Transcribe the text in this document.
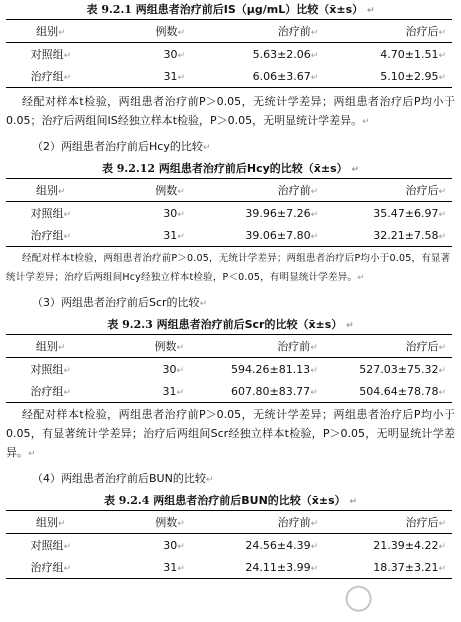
表 9.2.1 两组患者治疗前后IS（μg/mL）比较（x̄±s） ↵
组别↵	例数↵	治疗前↵	治疗后↵
对照组↵	30↵	5.63±2.06↵	4.70±1.51↵
治疗组↵	31↵	6.06±3.67↵	5.10±2.95↵
经配对样本t检验，两组患者治疗前P＞0.05，无统计学差异；两组患者治疗后P均小于0.05；治疗后两组间IS经独立样本t检验，P＞0.05，无明显统计学差异。↵
（2）两组患者治疗前后Hcy的比较↵
表 9.2.12 两组患者治疗前后Hcy的比较（x̄±s） ↵
组别↵	例数↵	治疗前↵	治疗后↵
对照组↵	30↵	39.96±7.26↵	35.47±6.97↵
治疗组↵	31↵	39.06±7.80↵	32.21±7.58↵
经配对样本t检验，两组患者治疗前P＞0.05，无统计学差异；两组患者治疗后P均小于0.05，有显著统计学差异；治疗后两组间Hcy经独立样本t检验，P＜0.05，有明显统计学差异。↵
（3）两组患者治疗前后Scr的比较↵
表 9.2.3 两组患者治疗前后Scr的比较（x̄±s） ↵
组别↵	例数↵	治疗前↵	治疗后↵
对照组↵	30↵	594.26±81.13↵	527.03±75.32↵
治疗组↵	31↵	607.80±83.77↵	504.64±78.78↵
经配对样本t检验，两组患者治疗前P＞0.05，无统计学差异；两组患者治疗后P均小于0.05，有显著统计学差异；治疗后两组间Scr经独立样本t检验，P＞0.05，无明显统计学差异。↵
（4）两组患者治疗前后BUN的比较↵
表 9.2.4 两组患者治疗前后BUN的比较（x̄±s） ↵
组别↵	例数↵	治疗前↵	治疗后↵
对照组↵	30↵	24.56±4.39↵	21.39±4.22↵
治疗组↵	31↵	24.11±3.99↵	18.37±3.21↵
